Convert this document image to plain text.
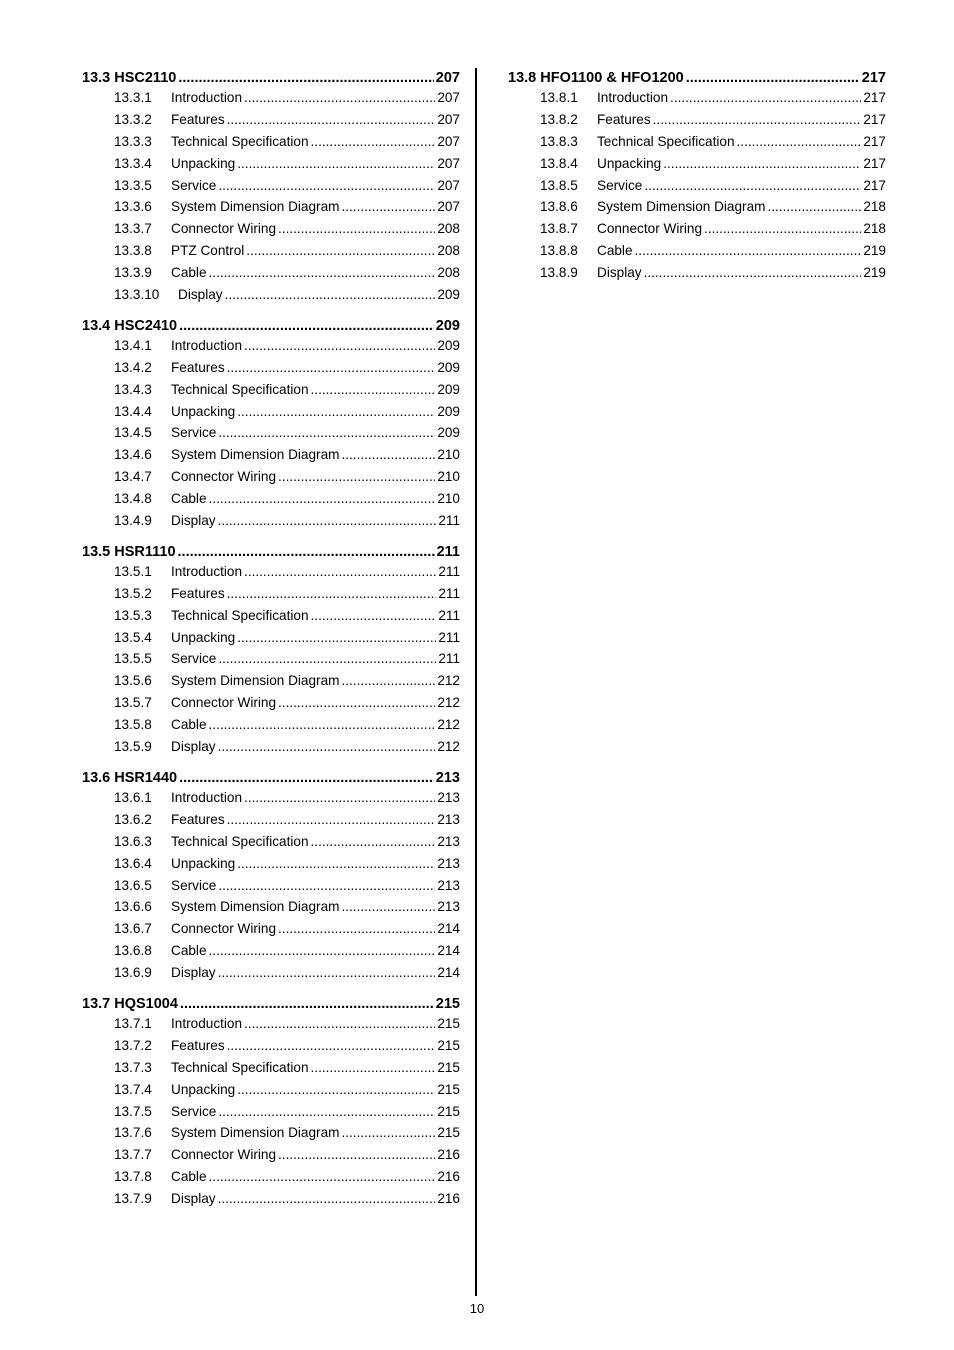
13.3 HSC2110 .....	207
13.3.1	Introduction .....	207
13.3.2	Features .....	207
13.3.3	Technical Specification .....	207
13.3.4	Unpacking .....	207
13.3.5	Service .....	207
13.3.6	System Dimension Diagram .....	207
13.3.7	Connector Wiring .....	208
13.3.8	PTZ Control .....	208
13.3.9	Cable .....	208
13.3.10	Display .....	209
13.4 HSC2410 .....	209
13.4.1	Introduction .....	209
13.4.2	Features .....	209
13.4.3	Technical Specification .....	209
13.4.4	Unpacking .....	209
13.4.5	Service .....	209
13.4.6	System Dimension Diagram .....	210
13.4.7	Connector Wiring .....	210
13.4.8	Cable .....	210
13.4.9	Display .....	211
13.5 HSR1110 .....	211
13.5.1	Introduction .....	211
13.5.2	Features .....	211
13.5.3	Technical Specification .....	211
13.5.4	Unpacking .....	211
13.5.5	Service .....	211
13.5.6	System Dimension Diagram .....	212
13.5.7	Connector Wiring .....	212
13.5.8	Cable .....	212
13.5.9	Display .....	212
13.6 HSR1440 .....	213
13.6.1	Introduction .....	213
13.6.2	Features .....	213
13.6.3	Technical Specification .....	213
13.6.4	Unpacking .....	213
13.6.5	Service .....	213
13.6.6	System Dimension Diagram .....	213
13.6.7	Connector Wiring .....	214
13.6.8	Cable .....	214
13.6.9	Display .....	214
13.7 HQS1004 .....	215
13.7.1	Introduction .....	215
13.7.2	Features .....	215
13.7.3	Technical Specification .....	215
13.7.4	Unpacking .....	215
13.7.5	Service .....	215
13.7.6	System Dimension Diagram .....	215
13.7.7	Connector Wiring .....	216
13.7.8	Cable .....	216
13.7.9	Display .....	216
13.8 HFO1100 & HFO1200 .....	217
13.8.1	Introduction .....	217
13.8.2	Features .....	217
13.8.3	Technical Specification .....	217
13.8.4	Unpacking .....	217
13.8.5	Service .....	217
13.8.6	System Dimension Diagram .....	218
13.8.7	Connector Wiring .....	218
13.8.8	Cable .....	219
13.8.9	Display .....	219
10
